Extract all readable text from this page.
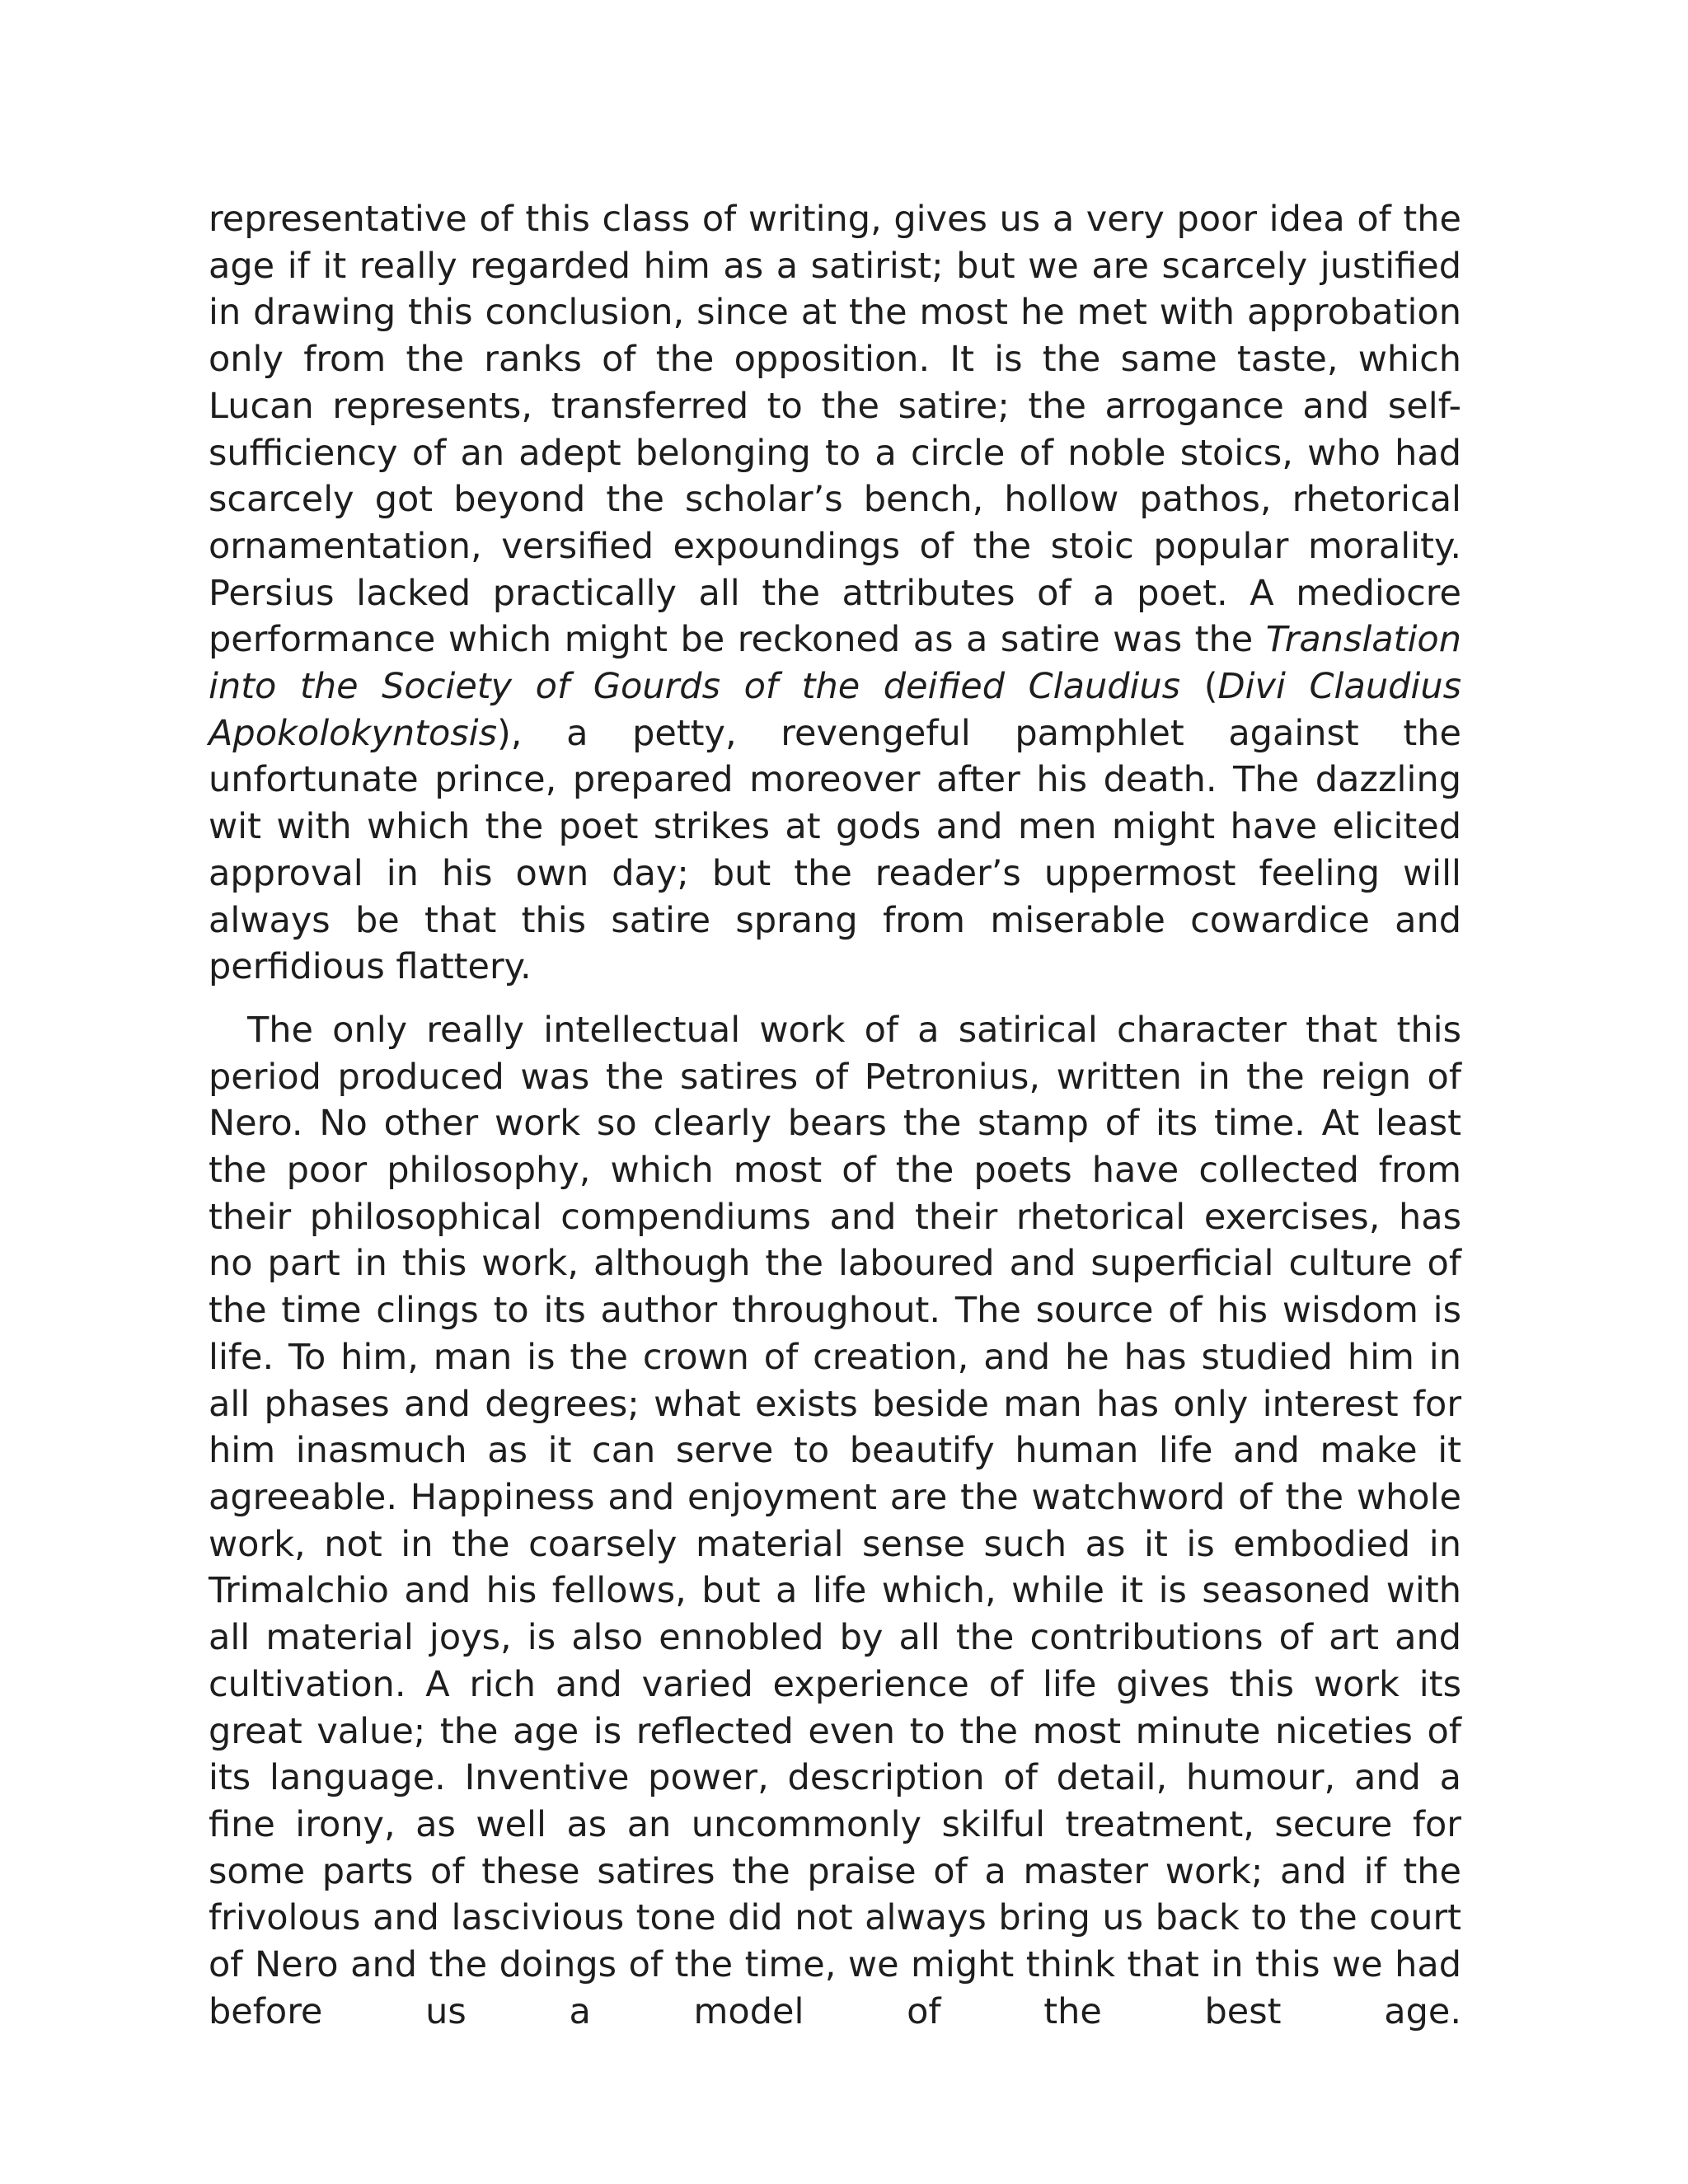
representative of this class of writing, gives us a very poor idea of the age if it really regarded him as a satirist; but we are scarcely justified in drawing this conclusion, since at the most he met with approbation only from the ranks of the opposition. It is the same taste, which Lucan represents, transferred to the satire; the arrogance and self-sufficiency of an adept belonging to a circle of noble stoics, who had scarcely got beyond the scholar’s bench, hollow pathos, rhetorical ornamentation, versified expoundings of the stoic popular morality. Persius lacked practically all the attributes of a poet. A mediocre performance which might be reckoned as a satire was the Translation into the Society of Gourds of the deified Claudius (Divi Claudius Apokolokyntosis), a petty, revengeful pamphlet against the unfortunate prince, prepared moreover after his death. The dazzling wit with which the poet strikes at gods and men might have elicited approval in his own day; but the reader’s uppermost feeling will always be that this satire sprang from miserable cowardice and perfidious flattery.

The only really intellectual work of a satirical character that this period produced was the satires of Petronius, written in the reign of Nero. No other work so clearly bears the stamp of its time. At least the poor philosophy, which most of the poets have collected from their philosophical compendiums and their rhetorical exercises, has no part in this work, although the laboured and superficial culture of the time clings to its author throughout. The source of his wisdom is life. To him, man is the crown of creation, and he has studied him in all phases and degrees; what exists beside man has only interest for him inasmuch as it can serve to beautify human life and make it agreeable. Happiness and enjoyment are the watchword of the whole work, not in the coarsely material sense such as it is embodied in Trimalchio and his fellows, but a life which, while it is seasoned with all material joys, is also ennobled by all the contributions of art and cultivation. A rich and varied experience of life gives this work its great value; the age is reflected even to the most minute niceties of its language. Inventive power, description of detail, humour, and a fine irony, as well as an uncommonly skilful treatment, secure for some parts of these satires the praise of a master work; and if the frivolous and lascivious tone did not always bring us back to the court of Nero and the doings of the time, we might think that in this we had before us a model of the best age.
